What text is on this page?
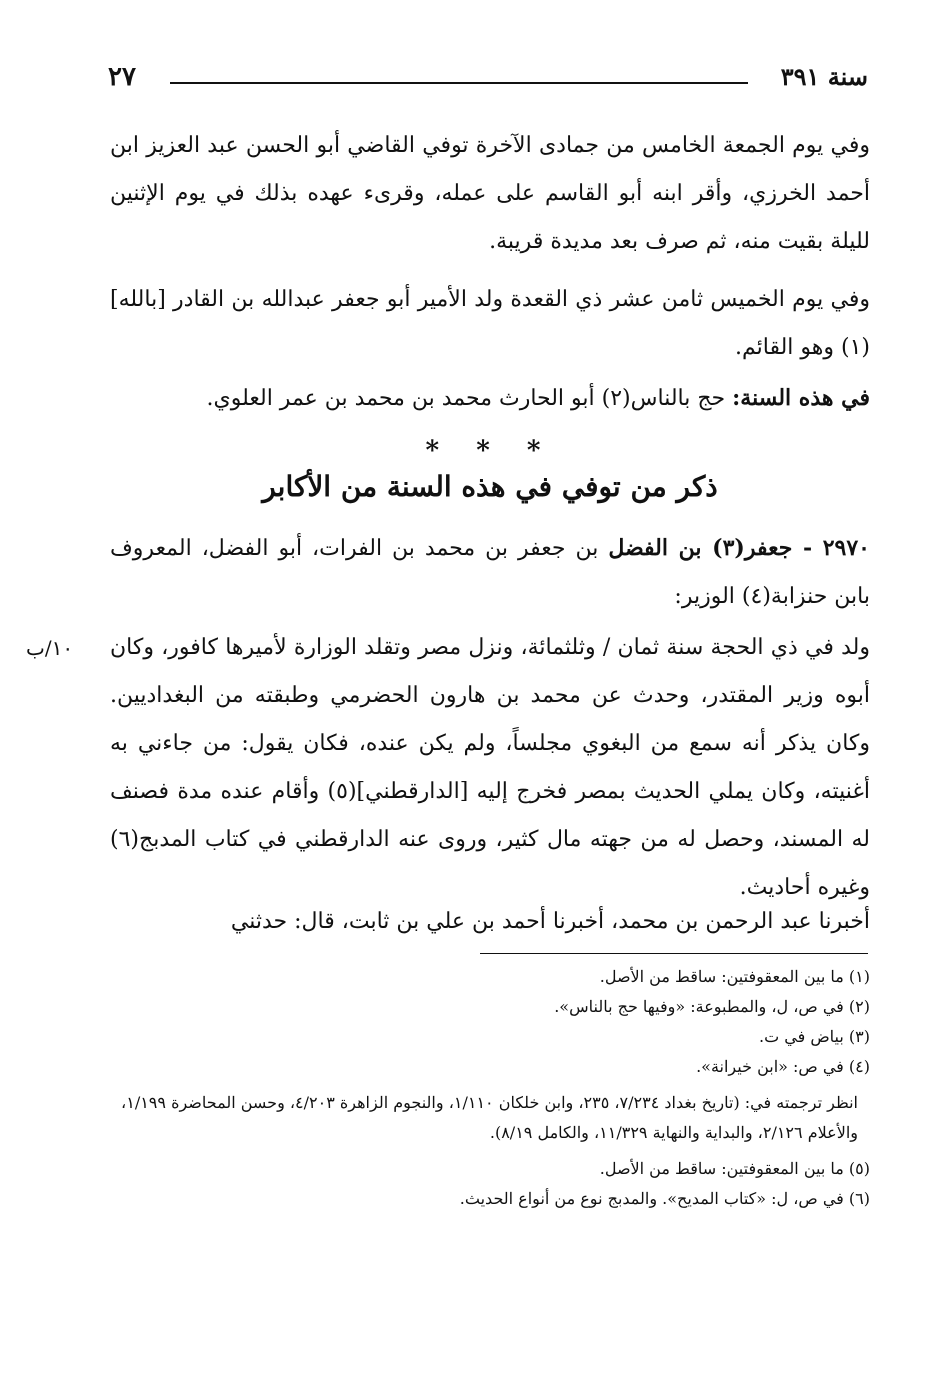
سنة ٣٩١
٢٧
وفي يوم الجمعة الخامس من جمادى الآخرة توفي القاضي أبو الحسن عبد العزيز ابن أحمد الخرزي، وأقر ابنه أبو القاسم على عمله، وقرىء عهده بذلك في يوم الإثنين لليلة بقيت منه، ثم صرف بعد مديدة قريبة.
وفي يوم الخميس ثامن عشر ذي القعدة ولد الأمير أبو جعفر عبدالله بن القادر [بالله](١) وهو القائم.
في هذه السنة: حج بالناس(٢) أبو الحارث محمد بن محمد بن عمر العلوي.
* * *
ذكر من توفي في هذه السنة من الأكابر
٢٩٧٠ - جعفر(٣) بن الفضل بن جعفر بن محمد بن الفرات، أبو الفضل، المعروف بابن حنزابة(٤) الوزير:
١٠/ب ولد في ذي الحجة سنة ثمان / وثلثمائة، ونزل مصر وتقلد الوزارة لأميرها كافور، وكان أبوه وزير المقتدر، وحدث عن محمد بن هارون الحضرمي وطبقته من البغداديين. وكان يذكر أنه سمع من البغوي مجلساً، ولم يكن عنده، فكان يقول: من جاءني به أغنيته، وكان يملي الحديث بمصر فخرج إليه [الدارقطني](٥) وأقام عنده مدة فصنف له المسند، وحصل له من جهته مال كثير، وروى عنه الدارقطني في كتاب المدبج(٦) وغيره أحاديث.
أخبرنا عبد الرحمن بن محمد، أخبرنا أحمد بن علي بن ثابت، قال: حدثني
(١) ما بين المعقوفتين: ساقط من الأصل.
(٢) في ص، ل، والمطبوعة: «وفيها حج بالناس».
(٣) بياض في ت.
(٤) في ص: «ابن خيرانة».
انظر ترجمته في: (تاريخ بغداد ٧/٢٣٤، ٢٣٥، وابن خلكان ١/١١٠، والنجوم الزاهرة ٤/٢٠٣، وحسن المحاضرة ١/١٩٩، والأعلام ٢/١٢٦، والبداية والنهاية ١١/٣٢٩، والكامل ٨/١٩).
(٥) ما بين المعقوفتين: ساقط من الأصل.
(٦) في ص، ل: «كتاب المديح». والمدبج نوع من أنواع الحديث.
